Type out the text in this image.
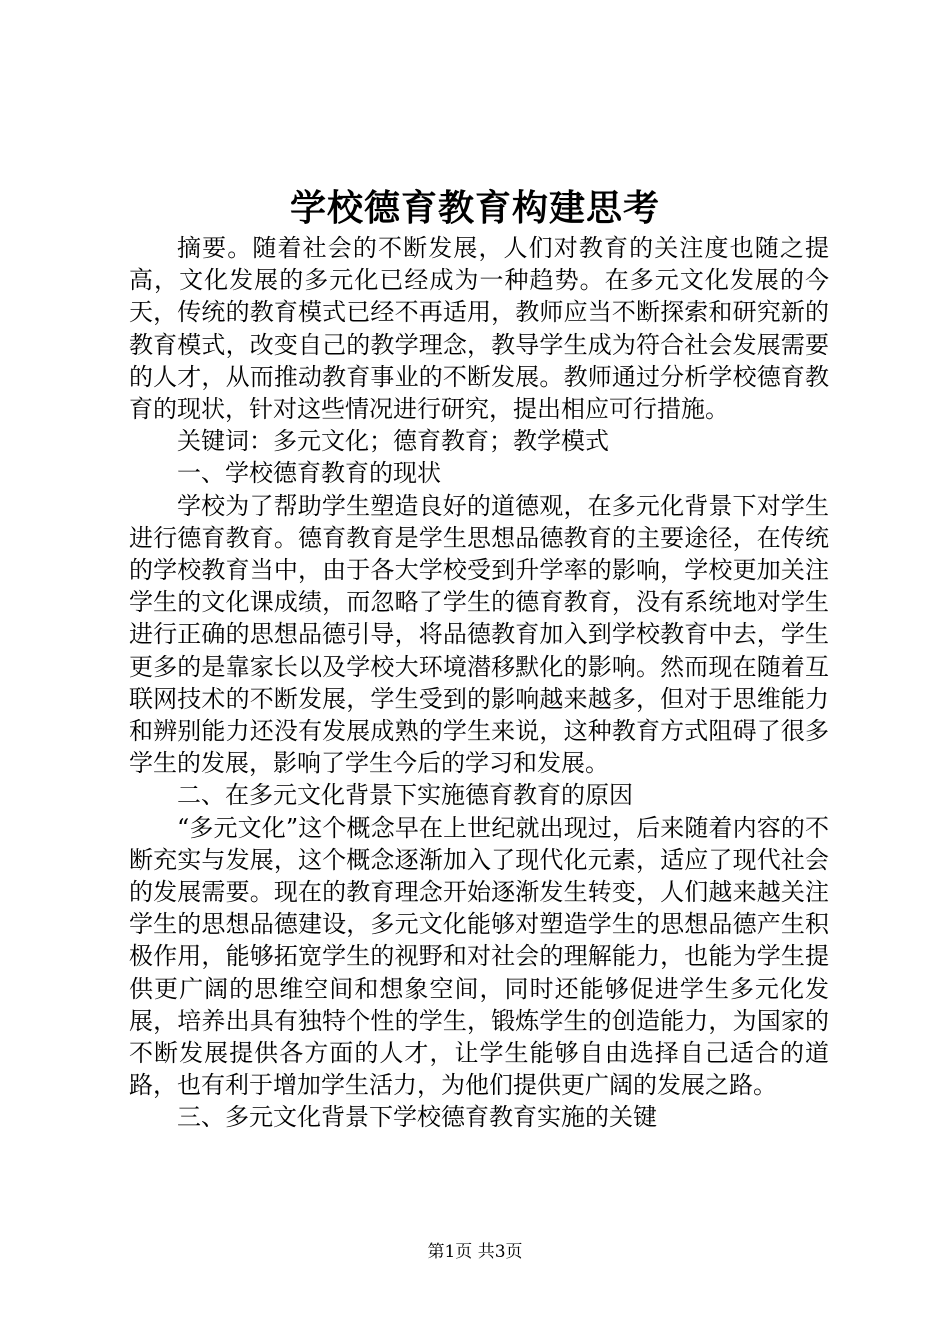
学校德育教育构建思考

摘要。随着社会的不断发展，人们对教育的关注度也随之提高，文化发展的多元化已经成为一种趋势。在多元文化发展的今天，传统的教育模式已经不再适用，教师应当不断探索和研究新的教育模式，改变自己的教学理念，教导学生成为符合社会发展需要的人才，从而推动教育事业的不断发展。教师通过分析学校德育教育的现状，针对这些情况进行研究，提出相应可行措施。

关键词：多元文化；德育教育；教学模式

一、学校德育教育的现状

学校为了帮助学生塑造良好的道德观，在多元化背景下对学生进行德育教育。德育教育是学生思想品德教育的主要途径，在传统的学校教育当中，由于各大学校受到升学率的影响，学校更加关注学生的文化课成绩，而忽略了学生的德育教育，没有系统地对学生进行正确的思想品德引导，将品德教育加入到学校教育中去，学生更多的是靠家长以及学校大环境潜移默化的影响。然而现在随着互联网技术的不断发展，学生受到的影响越来越多，但对于思维能力和辨别能力还没有发展成熟的学生来说，这种教育方式阻碍了很多学生的发展，影响了学生今后的学习和发展。

二、在多元文化背景下实施德育教育的原因

“多元文化”这个概念早在上世纪就出现过，后来随着内容的不断充实与发展，这个概念逐渐加入了现代化元素，适应了现代社会的发展需要。现在的教育理念开始逐渐发生转变，人们越来越关注学生的思想品德建设，多元文化能够对塑造学生的思想品德产生积极作用，能够拓宽学生的视野和对社会的理解能力，也能为学生提供更广阔的思维空间和想象空间，同时还能够促进学生多元化发展，培养出具有独特个性的学生，锻炼学生的创造能力，为国家的不断发展提供各方面的人才，让学生能够自由选择自己适合的道路，也有利于增加学生活力，为他们提供更广阔的发展之路。

三、多元文化背景下学校德育教育实施的关键

第1页 共3页
